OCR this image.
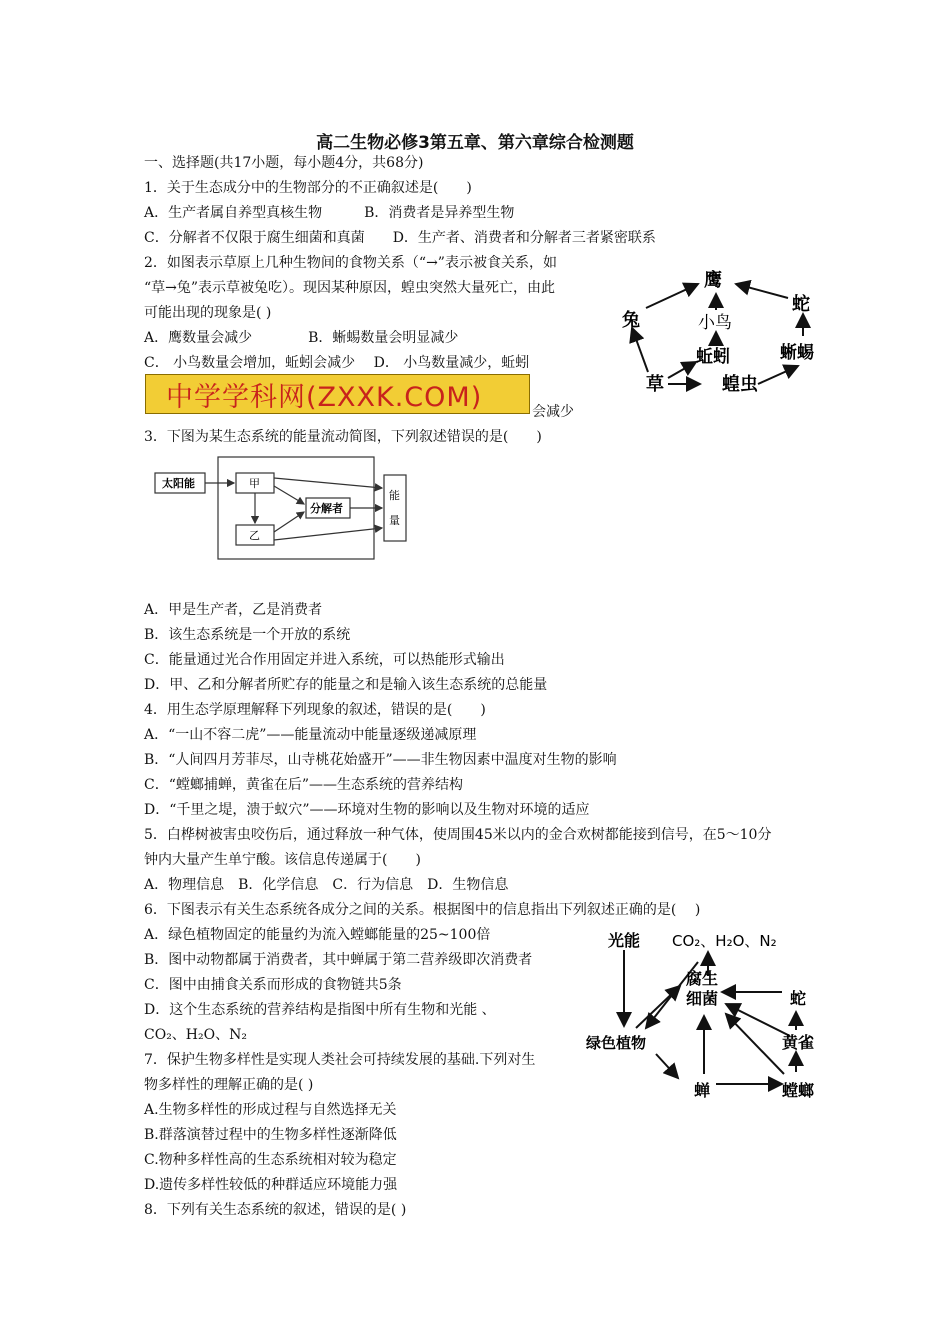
高二生物必修3第五章、第六章综合检测题
一、选择题(共17小题，每小题4分，共68分)
1．关于生态成分中的生物部分的不正确叙述是(　　)
A．生产者属自养型真核生物　　　B．消费者是异养型生物
C．分解者不仅限于腐生细菌和真菌　　D．生产者、消费者和分解者三者紧密联系
2．如图表示草原上几种生物间的食物关系（“→”表示被食关系，如
“草→兔”表示草被兔吃）。现因某种原因，蝗虫突然大量死亡，由此
可能出现的现象是( )
A．鹰数量会减少　　　　B．蜥蜴数量会明显减少
C． 小鸟数量会增加，蚯蚓会减少　 D． 小鸟数量减少，蚯蚓
中学学科网(ZXXK.COM)	会减少
鹰
蛇
兔	小鸟
蚯蚓	蜥蜴
草	蝗虫
3．下图为某生态系统的能量流动简图，下列叙述错误的是(　　)
太阳能	甲
乙
分解者
能
量
A．甲是生产者，乙是消费者
B．该生态系统是一个开放的系统
C．能量通过光合作用固定并进入系统，可以热能形式输出
D．甲、乙和分解者所贮存的能量之和是输入该生态系统的总能量
4．用生态学原理解释下列现象的叙述，错误的是(　　)
A．“一山不容二虎”——能量流动中能量逐级递减原理
B．“人间四月芳菲尽，山寺桃花始盛开”——非生物因素中温度对生物的影响
C．“螳螂捕蝉，黄雀在后”——生态系统的营养结构
D．“千里之堤，溃于蚁穴”——环境对生物的影响以及生物对环境的适应
5．白桦树被害虫咬伤后，通过释放一种气体，使周围45米以内的金合欢树都能接到信号，在5～10分
钟内大量产生单宁酸。该信息传递属于(　　)
A．物理信息　B．化学信息　C．行为信息　D．生物信息
6．下图表示有关生态系统各成分之间的关系。根据图中的信息指出下列叙述正确的是(　 )
A．绿色植物固定的能量约为流入螳螂能量的25~100倍
B．图中动物都属于消费者，其中蝉属于第二营养级即次消费者
C．图中由捕食关系而形成的食物链共5条
D．这个生态系统的营养结构是指图中所有生物和光能 、
CO₂、H₂O、N₂
光能 CO₂、H₂O、N₂
腐生
细菌	蛇
绿色植物	黄雀
蝉	螳螂
7．保护生物多样性是实现人类社会可持续发展的基础.下列对生
物多样性的理解正确的是( )
A.生物多样性的形成过程与自然选择无关
B.群落演替过程中的生物多样性逐渐降低
C.物种多样性高的生态系统相对较为稳定
D.遗传多样性较低的种群适应环境能力强
8．下列有关生态系统的叙述，错误的是( )
